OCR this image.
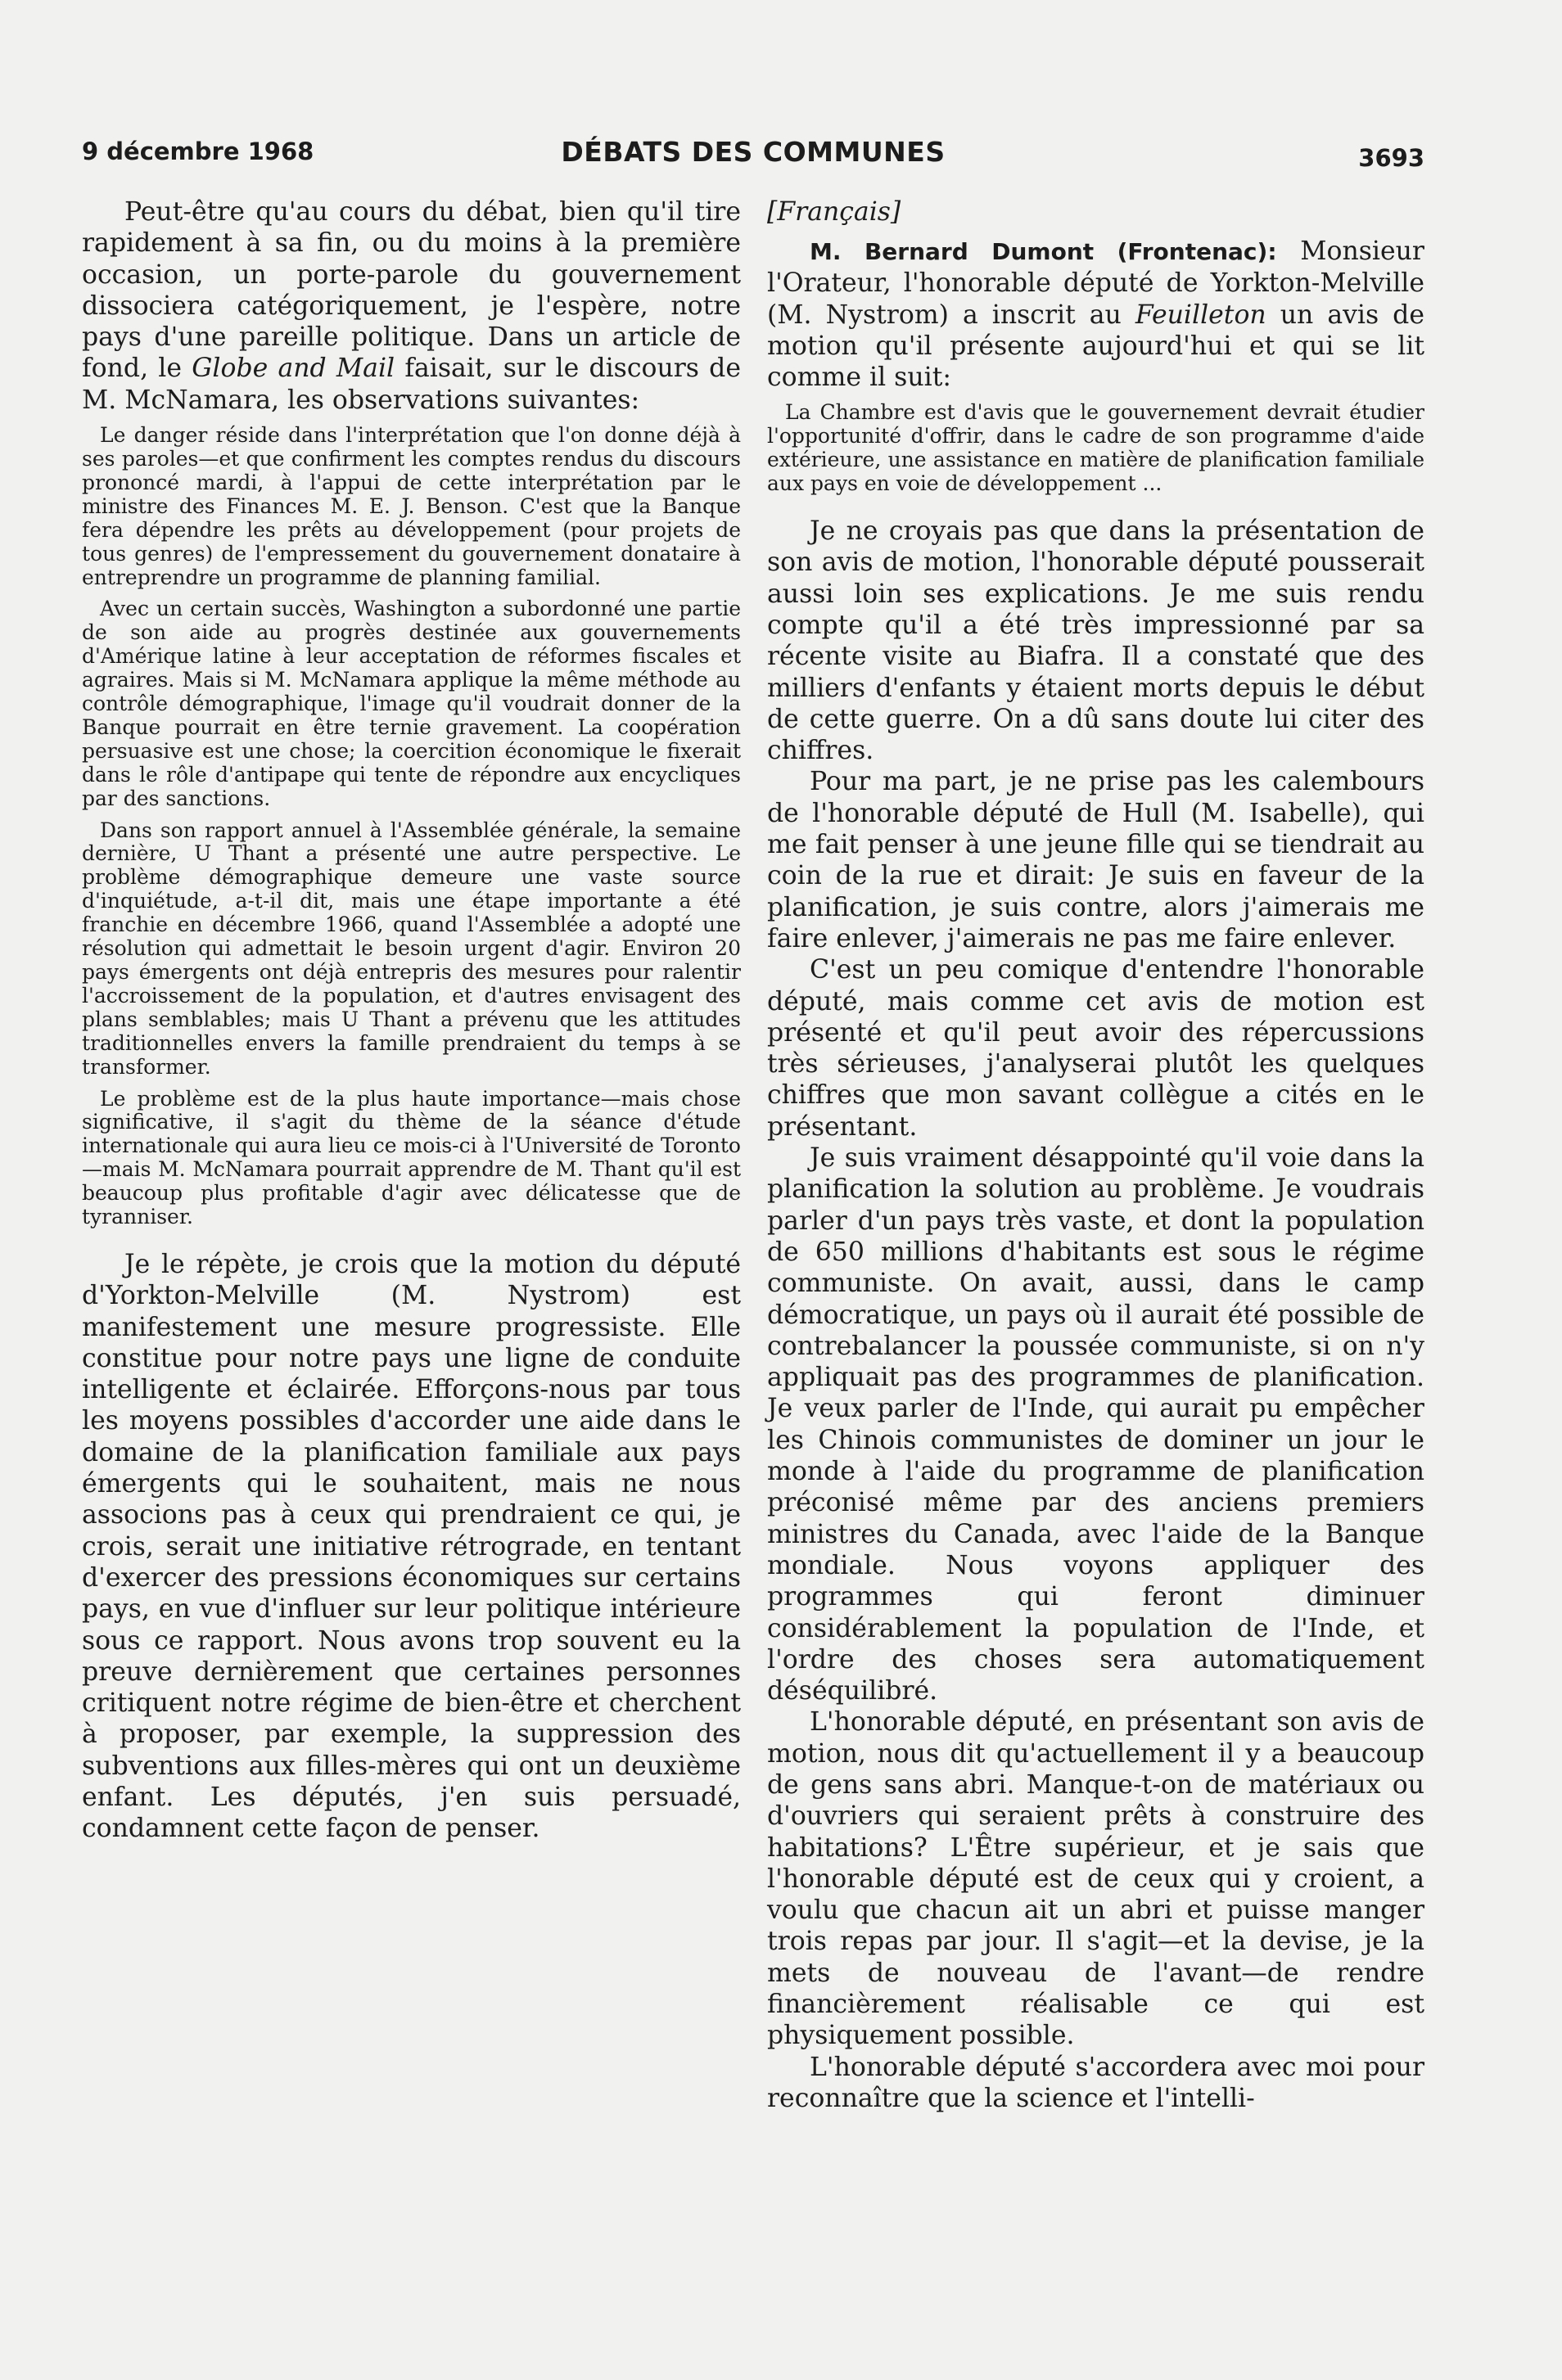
9 décembre 1968	DÉBATS DES COMMUNES	3693

Peut-être qu'au cours du débat, bien qu'il tire rapidement à sa fin, ou du moins à la première occasion, un porte-parole du gouvernement dissociera catégoriquement, je l'espère, notre pays d'une pareille politique. Dans un article de fond, le Globe and Mail faisait, sur le discours de M. McNamara, les observations suivantes:

Le danger réside dans l'interprétation que l'on donne déjà à ses paroles—et que confirment les comptes rendus du discours prononcé mardi, à l'appui de cette interprétation par le ministre des Finances M. E. J. Benson. C'est que la Banque fera dépendre les prêts au développement (pour projets de tous genres) de l'empressement du gouvernement donataire à entreprendre un programme de planning familial.

Avec un certain succès, Washington a subordonné une partie de son aide au progrès destinée aux gouvernements d'Amérique latine à leur acceptation de réformes fiscales et agraires. Mais si M. McNamara applique la même méthode au contrôle démographique, l'image qu'il voudrait donner de la Banque pourrait en être ternie gravement. La coopération persuasive est une chose; la coercition économique le fixerait dans le rôle d'antipape qui tente de répondre aux encycliques par des sanctions.

Dans son rapport annuel à l'Assemblée générale, la semaine dernière, U Thant a présenté une autre perspective. Le problème démographique demeure une vaste source d'inquiétude, a-t-il dit, mais une étape importante a été franchie en décembre 1966, quand l'Assemblée a adopté une résolution qui admettait le besoin urgent d'agir. Environ 20 pays émergents ont déjà entrepris des mesures pour ralentir l'accroissement de la population, et d'autres envisagent des plans semblables; mais U Thant a prévenu que les attitudes traditionnelles envers la famille prendraient du temps à se transformer.

Le problème est de la plus haute importance—mais chose significative, il s'agit du thème de la séance d'étude internationale qui aura lieu ce mois-ci à l'Université de Toronto—mais M. McNamara pourrait apprendre de M. Thant qu'il est beaucoup plus profitable d'agir avec délicatesse que de tyranniser.

Je le répète, je crois que la motion du député d'Yorkton-Melville (M. Nystrom) est manifestement une mesure progressiste. Elle constitue pour notre pays une ligne de conduite intelligente et éclairée. Efforçons-nous par tous les moyens possibles d'accorder une aide dans le domaine de la planification familiale aux pays émergents qui le souhaitent, mais ne nous associons pas à ceux qui prendraient ce qui, je crois, serait une initiative rétrograde, en tentant d'exercer des pressions économiques sur certains pays, en vue d'influer sur leur politique intérieure sous ce rapport. Nous avons trop souvent eu la preuve dernièrement que certaines personnes critiquent notre régime de bien-être et cherchent à proposer, par exemple, la suppression des subventions aux filles-mères qui ont un deuxième enfant. Les députés, j'en suis persuadé, condamnent cette façon de penser.

[Français]

M. Bernard Dumont (Frontenac): Monsieur l'Orateur, l'honorable député de Yorkton-Melville (M. Nystrom) a inscrit au Feuilleton un avis de motion qu'il présente aujourd'hui et qui se lit comme il suit:

La Chambre est d'avis que le gouvernement devrait étudier l'opportunité d'offrir, dans le cadre de son programme d'aide extérieure, une assistance en matière de planification familiale aux pays en voie de développement ...

Je ne croyais pas que dans la présentation de son avis de motion, l'honorable député pousserait aussi loin ses explications. Je me suis rendu compte qu'il a été très impressionné par sa récente visite au Biafra. Il a constaté que des milliers d'enfants y étaient morts depuis le début de cette guerre. On a dû sans doute lui citer des chiffres.

Pour ma part, je ne prise pas les calembours de l'honorable député de Hull (M. Isabelle), qui me fait penser à une jeune fille qui se tiendrait au coin de la rue et dirait: Je suis en faveur de la planification, je suis contre, alors j'aimerais me faire enlever, j'aimerais ne pas me faire enlever.

C'est un peu comique d'entendre l'honorable député, mais comme cet avis de motion est présenté et qu'il peut avoir des répercussions très sérieuses, j'analyserai plutôt les quelques chiffres que mon savant collègue a cités en le présentant.

Je suis vraiment désappointé qu'il voie dans la planification la solution au problème. Je voudrais parler d'un pays très vaste, et dont la population de 650 millions d'habitants est sous le régime communiste. On avait, aussi, dans le camp démocratique, un pays où il aurait été possible de contrebalancer la poussée communiste, si on n'y appliquait pas des programmes de planification. Je veux parler de l'Inde, qui aurait pu empêcher les Chinois communistes de dominer un jour le monde à l'aide du programme de planification préconisé même par des anciens premiers ministres du Canada, avec l'aide de la Banque mondiale. Nous voyons appliquer des programmes qui feront diminuer considérablement la population de l'Inde, et l'ordre des choses sera automatiquement déséquilibré.

L'honorable député, en présentant son avis de motion, nous dit qu'actuellement il y a beaucoup de gens sans abri. Manque-t-on de matériaux ou d'ouvriers qui seraient prêts à construire des habitations? L'Être supérieur, et je sais que l'honorable député est de ceux qui y croient, a voulu que chacun ait un abri et puisse manger trois repas par jour. Il s'agit—et la devise, je la mets de nouveau de l'avant—de rendre financièrement réalisable ce qui est physiquement possible.

L'honorable député s'accordera avec moi pour reconnaître que la science et l'intelli-
